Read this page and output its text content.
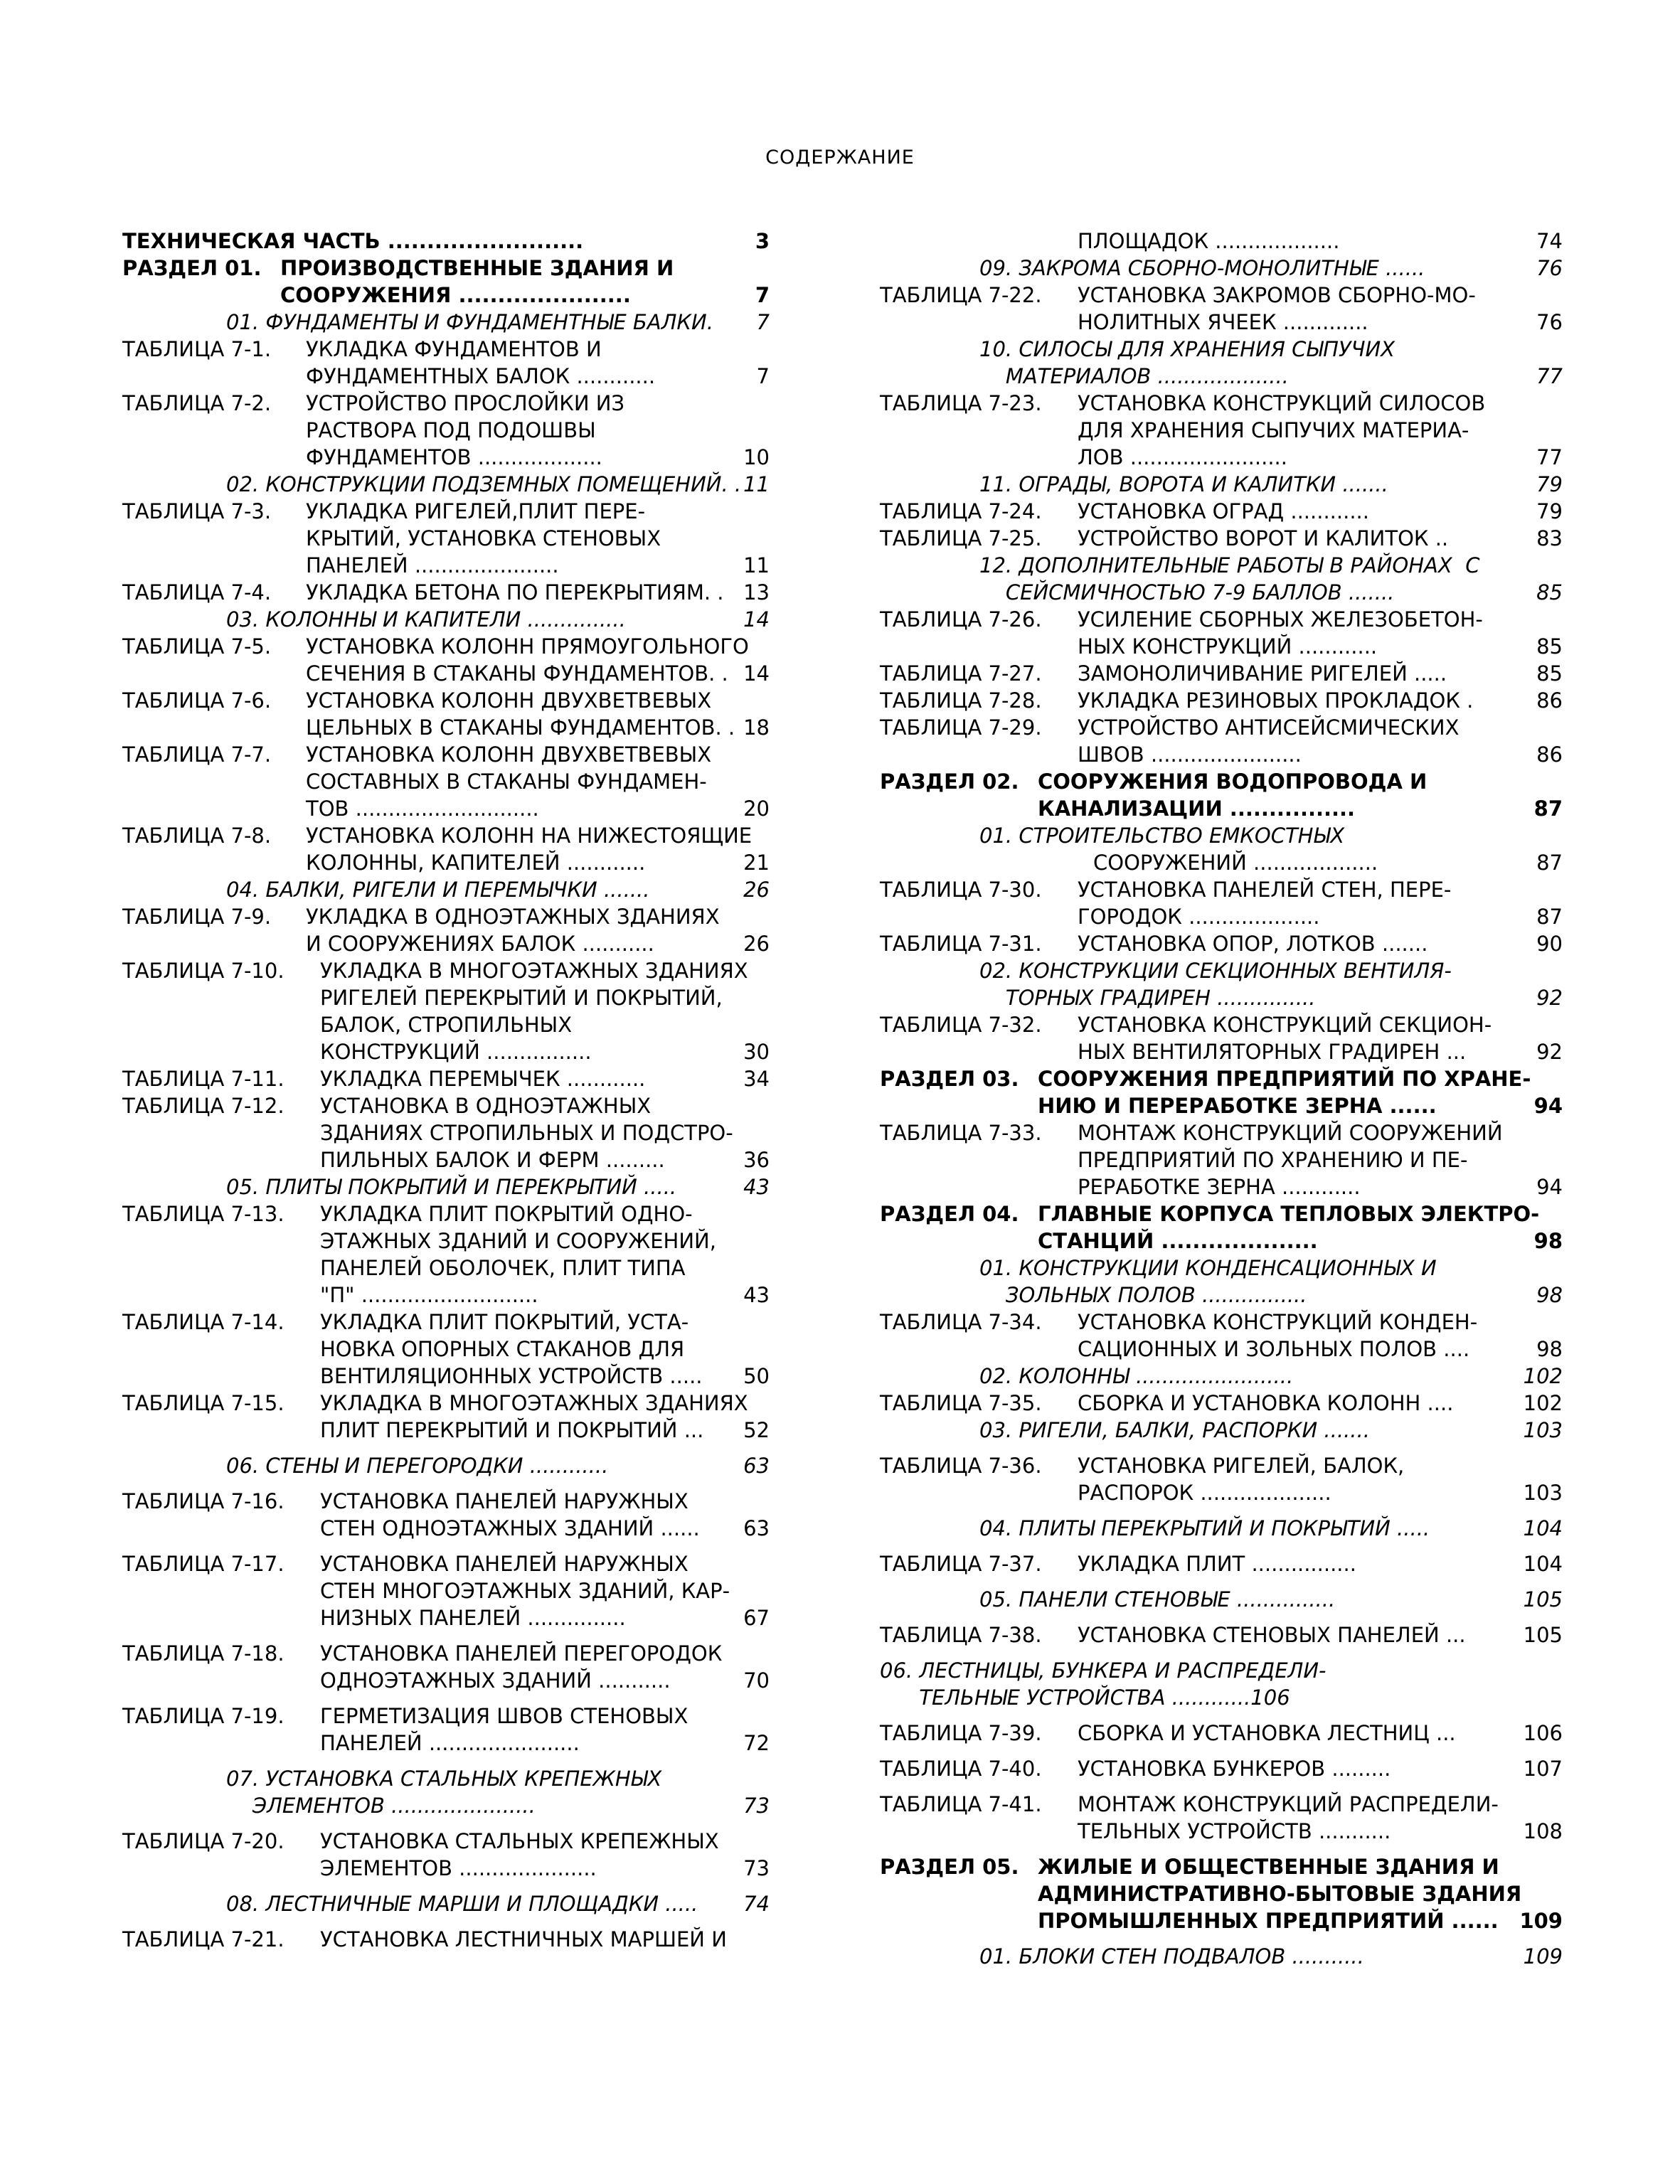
СОДЕРЖАНИЕ
ТЕХНИЧЕСКАЯ ЧАСТЬ .........................	3
РАЗДЕЛ 01. ПРОИЗВОДСТВЕННЫЕ ЗДАНИЯ И
СООРУЖЕНИЯ ......................	7
01. ФУНДАМЕНТЫ И ФУНДАМЕНТНЫЕ БАЛКИ.	7
ТАБЛИЦА 7-1. УКЛАДКА ФУНДАМЕНТОВ И
ФУНДАМЕНТНЫХ БАЛОК ............	7
ТАБЛИЦА 7-2. УСТРОЙСТВО ПРОСЛОЙКИ ИЗ
РАСТВОРА ПОД ПОДОШВЫ
ФУНДАМЕНТОВ ...................	10
02. КОНСТРУКЦИИ ПОДЗЕМНЫХ ПОМЕЩЕНИЙ. . 11
ТАБЛИЦА 7-3. УКЛАДКА РИГЕЛЕЙ,ПЛИТ ПЕРЕ-
КРЫТИЙ, УСТАНОВКА СТЕНОВЫХ
ПАНЕЛЕЙ ......................	11
ТАБЛИЦА 7-4. УКЛАДКА БЕТОНА ПО ПЕРЕКРЫТИЯМ. . 13
03. КОЛОННЫ И КАПИТЕЛИ ...............	14
ТАБЛИЦА 7-5. УСТАНОВКА КОЛОНН ПРЯМОУГОЛЬНОГО
СЕЧЕНИЯ В СТАКАНЫ ФУНДАМЕНТОВ. . 14
ТАБЛИЦА 7-6. УСТАНОВКА КОЛОНН ДВУХВЕТВЕВЫХ
ЦЕЛЬНЫХ В СТАКАНЫ ФУНДАМЕНТОВ. . 18
ТАБЛИЦА 7-7. УСТАНОВКА КОЛОНН ДВУХВЕТВЕВЫХ
СОСТАВНЫХ В СТАКАНЫ ФУНДАМЕН-
ТОВ ............................	20
ТАБЛИЦА 7-8. УСТАНОВКА КОЛОНН НА НИЖЕСТОЯЩИЕ
КОЛОННЫ, КАПИТЕЛЕЙ ............	21
04. БАЛКИ, РИГЕЛИ И ПЕРЕМЫЧКИ .......	26
ТАБЛИЦА 7-9. УКЛАДКА В ОДНОЭТАЖНЫХ ЗДАНИЯХ
И СООРУЖЕНИЯХ БАЛОК ...........	26
ТАБЛИЦА 7-10. УКЛАДКА В МНОГОЭТАЖНЫХ ЗДАНИЯХ
РИГЕЛЕЙ ПЕРЕКРЫТИЙ И ПОКРЫТИЙ,
БАЛОК, СТРОПИЛЬНЫХ
КОНСТРУКЦИЙ ................	30
ТАБЛИЦА 7-11. УКЛАДКА ПЕРЕМЫЧЕК ............	34
ТАБЛИЦА 7-12. УСТАНОВКА В ОДНОЭТАЖНЫХ
ЗДАНИЯХ СТРОПИЛЬНЫХ И ПОДСТРО-
ПИЛЬНЫХ БАЛОК И ФЕРМ .........	36
05. ПЛИТЫ ПОКРЫТИЙ И ПЕРЕКРЫТИЙ .....	43
ТАБЛИЦА 7-13. УКЛАДКА ПЛИТ ПОКРЫТИЙ ОДНО-
ЭТАЖНЫХ ЗДАНИЙ И СООРУЖЕНИЙ,
ПАНЕЛЕЙ ОБОЛОЧЕК, ПЛИТ ТИПА
"П" ...........................	43
ТАБЛИЦА 7-14. УКЛАДКА ПЛИТ ПОКРЫТИЙ, УСТА-
НОВКА ОПОРНЫХ СТАКАНОВ ДЛЯ
ВЕНТИЛЯЦИОННЫХ УСТРОЙСТВ .....	50
ТАБЛИЦА 7-15. УКЛАДКА В МНОГОЭТАЖНЫХ ЗДАНИЯХ
ПЛИТ ПЕРЕКРЫТИЙ И ПОКРЫТИЙ ...	52
06. СТЕНЫ И ПЕРЕГОРОДКИ ............	63
ТАБЛИЦА 7-16. УСТАНОВКА ПАНЕЛЕЙ НАРУЖНЫХ
СТЕН ОДНОЭТАЖНЫХ ЗДАНИЙ ......	63
ТАБЛИЦА 7-17. УСТАНОВКА ПАНЕЛЕЙ НАРУЖНЫХ
СТЕН МНОГОЭТАЖНЫХ ЗДАНИЙ, КАР-
НИЗНЫХ ПАНЕЛЕЙ ...............	67
ТАБЛИЦА 7-18. УСТАНОВКА ПАНЕЛЕЙ ПЕРЕГОРОДОК
ОДНОЭТАЖНЫХ ЗДАНИЙ ...........	70
ТАБЛИЦА 7-19. ГЕРМЕТИЗАЦИЯ ШВОВ СТЕНОВЫХ
ПАНЕЛЕЙ .......................	72
07. УСТАНОВКА СТАЛЬНЫХ КРЕПЕЖНЫХ
ЭЛЕМЕНТОВ ......................	73
ТАБЛИЦА 7-20. УСТАНОВКА СТАЛЬНЫХ КРЕПЕЖНЫХ
ЭЛЕМЕНТОВ .....................	73
08. ЛЕСТНИЧНЫЕ МАРШИ И ПЛОЩАДКИ .....	74
ТАБЛИЦА 7-21. УСТАНОВКА ЛЕСТНИЧНЫХ МАРШЕЙ И
ПЛОЩАДОК ...................	74
09. ЗАКРОМА СБОРНО-МОНОЛИТНЫЕ ......	76
ТАБЛИЦА 7-22. УСТАНОВКА ЗАКРОМОВ СБОРНО-МО-
НОЛИТНЫХ ЯЧЕЕК .............	76
10. СИЛОСЫ ДЛЯ ХРАНЕНИЯ СЫПУЧИХ
МАТЕРИАЛОВ ....................	77
ТАБЛИЦА 7-23. УСТАНОВКА КОНСТРУКЦИЙ СИЛОСОВ
ДЛЯ ХРАНЕНИЯ СЫПУЧИХ МАТЕРИА-
ЛОВ ........................	77
11. ОГРАДЫ, ВОРОТА И КАЛИТКИ .......	79
ТАБЛИЦА 7-24. УСТАНОВКА ОГРАД ............	79
ТАБЛИЦА 7-25. УСТРОЙСТВО ВОРОТ И КАЛИТОК ..	83
12. ДОПОЛНИТЕЛЬНЫЕ РАБОТЫ В РАЙОНАХ  С
СЕЙСМИЧНОСТЬЮ 7-9 БАЛЛОВ .......	85
ТАБЛИЦА 7-26. УСИЛЕНИЕ СБОРНЫХ ЖЕЛЕЗОБЕТОН-
НЫХ КОНСТРУКЦИЙ ............	85
ТАБЛИЦА 7-27. ЗАМОНОЛИЧИВАНИЕ РИГЕЛЕЙ .....	85
ТАБЛИЦА 7-28. УКЛАДКА РЕЗИНОВЫХ ПРОКЛАДОК .	86
ТАБЛИЦА 7-29. УСТРОЙСТВО АНТИСЕЙСМИЧЕСКИХ
ШВОВ .......................	86
РАЗДЕЛ 02. СООРУЖЕНИЯ ВОДОПРОВОДА И
КАНАЛИЗАЦИИ ................	87
01. СТРОИТЕЛЬСТВО ЕМКОСТНЫХ
СООРУЖЕНИЙ ...................	87
ТАБЛИЦА 7-30. УСТАНОВКА ПАНЕЛЕЙ СТЕН, ПЕРЕ-
ГОРОДОК ....................	87
ТАБЛИЦА 7-31. УСТАНОВКА ОПОР, ЛОТКОВ .......	90
02. КОНСТРУКЦИИ СЕКЦИОННЫХ ВЕНТИЛЯ-
ТОРНЫХ ГРАДИРЕН ...............	92
ТАБЛИЦА 7-32. УСТАНОВКА КОНСТРУКЦИЙ СЕКЦИОН-
НЫХ ВЕНТИЛЯТОРНЫХ ГРАДИРЕН ...	92
РАЗДЕЛ 03. СООРУЖЕНИЯ ПРЕДПРИЯТИЙ ПО ХРАНЕ-
НИЮ И ПЕРЕРАБОТКЕ ЗЕРНА ......	94
ТАБЛИЦА 7-33. МОНТАЖ КОНСТРУКЦИЙ СООРУЖЕНИЙ
ПРЕДПРИЯТИЙ ПО ХРАНЕНИЮ И ПЕ-
РЕРАБОТКЕ ЗЕРНА ............	94
РАЗДЕЛ 04. ГЛАВНЫЕ КОРПУСА ТЕПЛОВЫХ ЭЛЕКТРО-
СТАНЦИЙ ....................	98
01. КОНСТРУКЦИИ КОНДЕНСАЦИОННЫХ И
ЗОЛЬНЫХ ПОЛОВ ................	98
ТАБЛИЦА 7-34. УСТАНОВКА КОНСТРУКЦИЙ КОНДЕН-
САЦИОННЫХ И ЗОЛЬНЫХ ПОЛОВ ....	98
02. КОЛОННЫ ........................	102
ТАБЛИЦА 7-35. СБОРКА И УСТАНОВКА КОЛОНН ....	102
03. РИГЕЛИ, БАЛКИ, РАСПОРКИ .......	103
ТАБЛИЦА 7-36. УСТАНОВКА РИГЕЛЕЙ, БАЛОК,
РАСПОРОК ....................	103
04. ПЛИТЫ ПЕРЕКРЫТИЙ И ПОКРЫТИЙ .....	104
ТАБЛИЦА 7-37. УКЛАДКА ПЛИТ ................	104
05. ПАНЕЛИ СТЕНОВЫЕ ...............	105
ТАБЛИЦА 7-38. УСТАНОВКА СТЕНОВЫХ ПАНЕЛЕЙ ...	105
06. ЛЕСТНИЦЫ, БУНКЕРА И РАСПРЕДЕЛИ-
ТЕЛЬНЫЕ УСТРОЙСТВА ............106
ТАБЛИЦА 7-39. СБОРКА И УСТАНОВКА ЛЕСТНИЦ ...	106
ТАБЛИЦА 7-40. УСТАНОВКА БУНКЕРОВ .........	107
ТАБЛИЦА 7-41. МОНТАЖ КОНСТРУКЦИЙ РАСПРЕДЕЛИ-
ТЕЛЬНЫХ УСТРОЙСТВ ...........	108
РАЗДЕЛ 05. ЖИЛЫЕ И ОБЩЕСТВЕННЫЕ ЗДАНИЯ И
АДМИНИСТРАТИВНО-БЫТОВЫЕ ЗДАНИЯ
ПРОМЫШЛЕННЫХ ПРЕДПРИЯТИЙ ......	109
01. БЛОКИ СТЕН ПОДВАЛОВ ...........	109
